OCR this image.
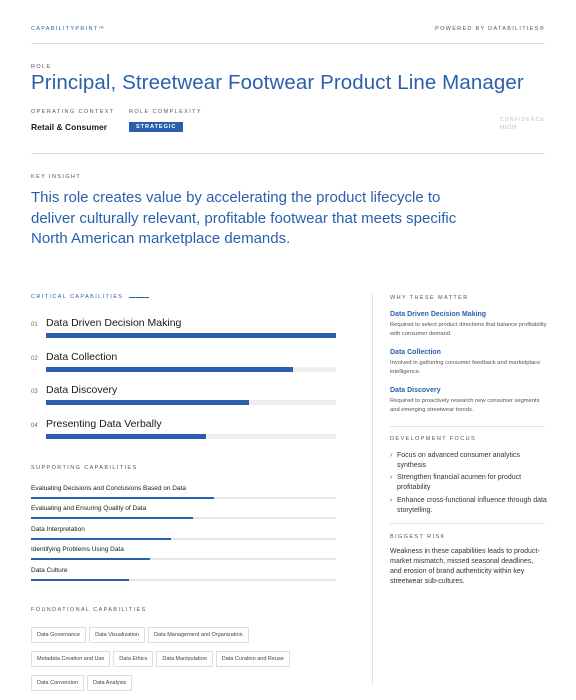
CAPABILITYPRINT™	POWERED BY DATABILITIES®
ROLE
Principal, Streetwear Footwear Product Line Manager
OPERATING CONTEXT
Retail & Consumer
ROLE COMPLEXITY
STRATEGIC
CONFIDENCE
HIGH
KEY INSIGHT
This role creates value by accelerating the product lifecycle to deliver culturally relevant, profitable footwear that meets specific North American marketplace demands.
CRITICAL CAPABILITIES
01 Data Driven Decision Making
02 Data Collection
03 Data Discovery
04 Presenting Data Verbally
SUPPORTING CAPABILITIES
Evaluating Decisions and Conclusions Based on Data
Evaluating and Ensuring Quality of Data
Data Interpretation
Identifying Problems Using Data
Data Culture
FOUNDATIONAL CAPABILITIES
Data Governance	Data Visualization	Data Management and Organization
Metadata Creation and Use	Data Ethics	Data Manipulation	Data Curation and Reuse
Data Conversion	Data Analysis
WHY THESE MATTER
Data Driven Decision Making
Required to select product directions that balance profitability with consumer demand.
Data Collection
Involved in gathering consumer feedback and marketplace intelligence.
Data Discovery
Required to proactively research new consumer segments and emerging streetwear trends.
DEVELOPMENT FOCUS
› Focus on advanced consumer analytics synthesis
› Strengthen financial acumen for product profitability
› Enhance cross-functional influence through data storytelling.
BIGGEST RISK
Weakness in these capabilities leads to product-market mismatch, missed seasonal deadlines, and erosion of brand authenticity within key streetwear sub-cultures.
